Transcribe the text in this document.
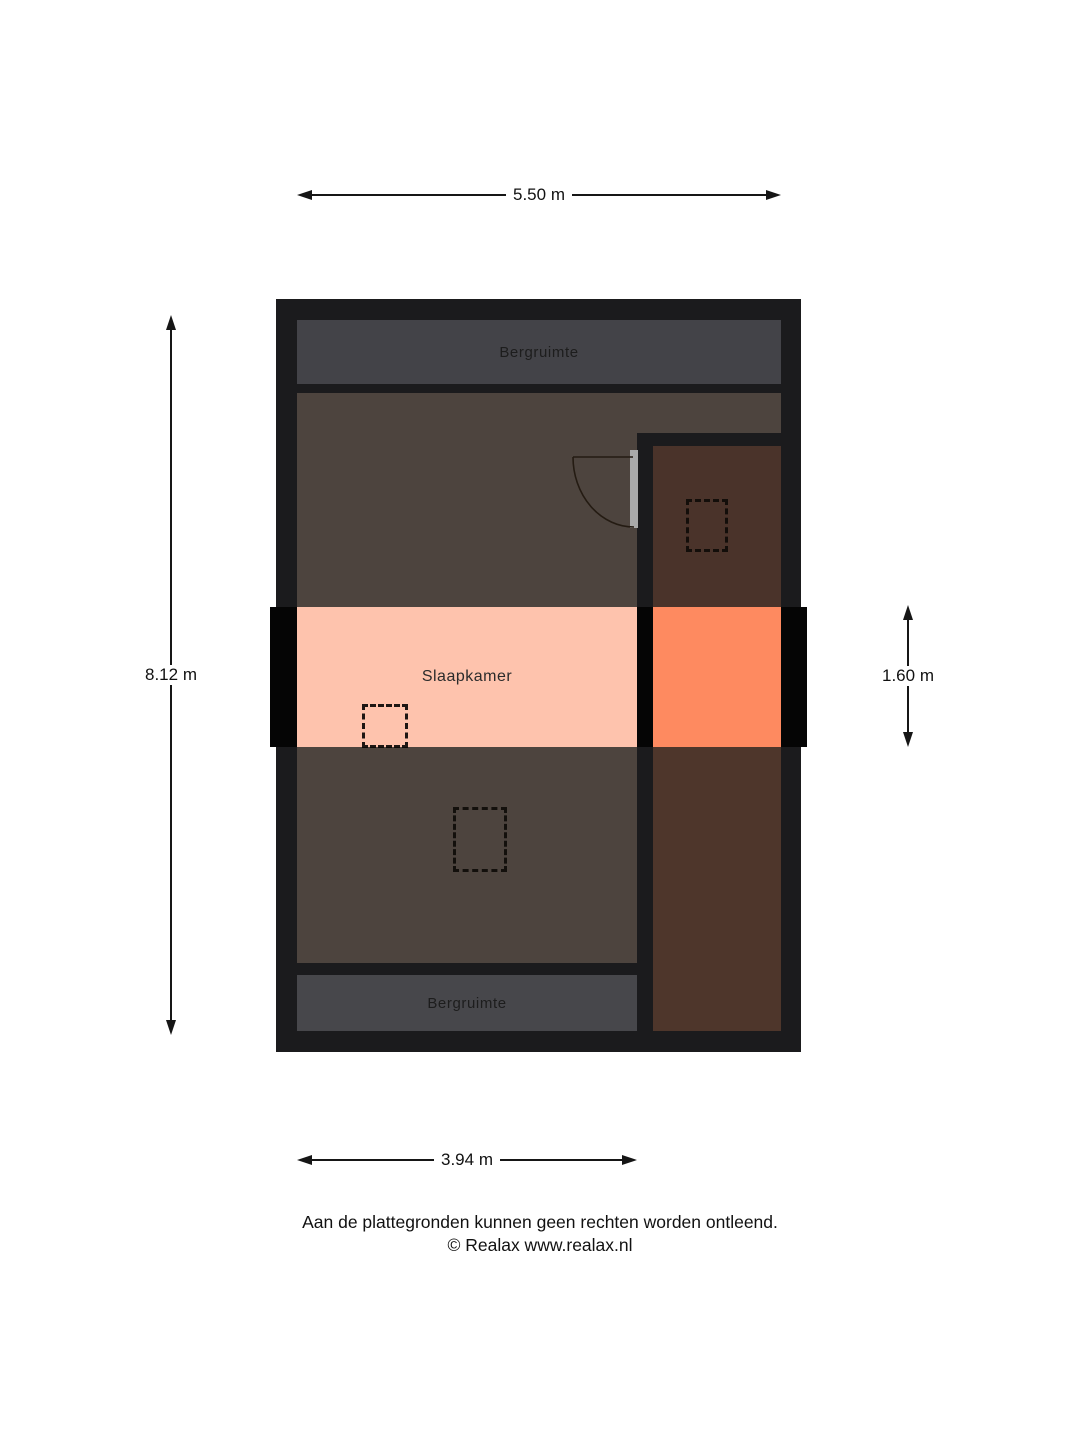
5.50 m
8.12 m	1.60 m
3.94 m
Bergruimte
Slaapkamer
Bergruimte
Aan de plattegronden kunnen geen rechten worden ontleend.
© Realax www.realax.nl
